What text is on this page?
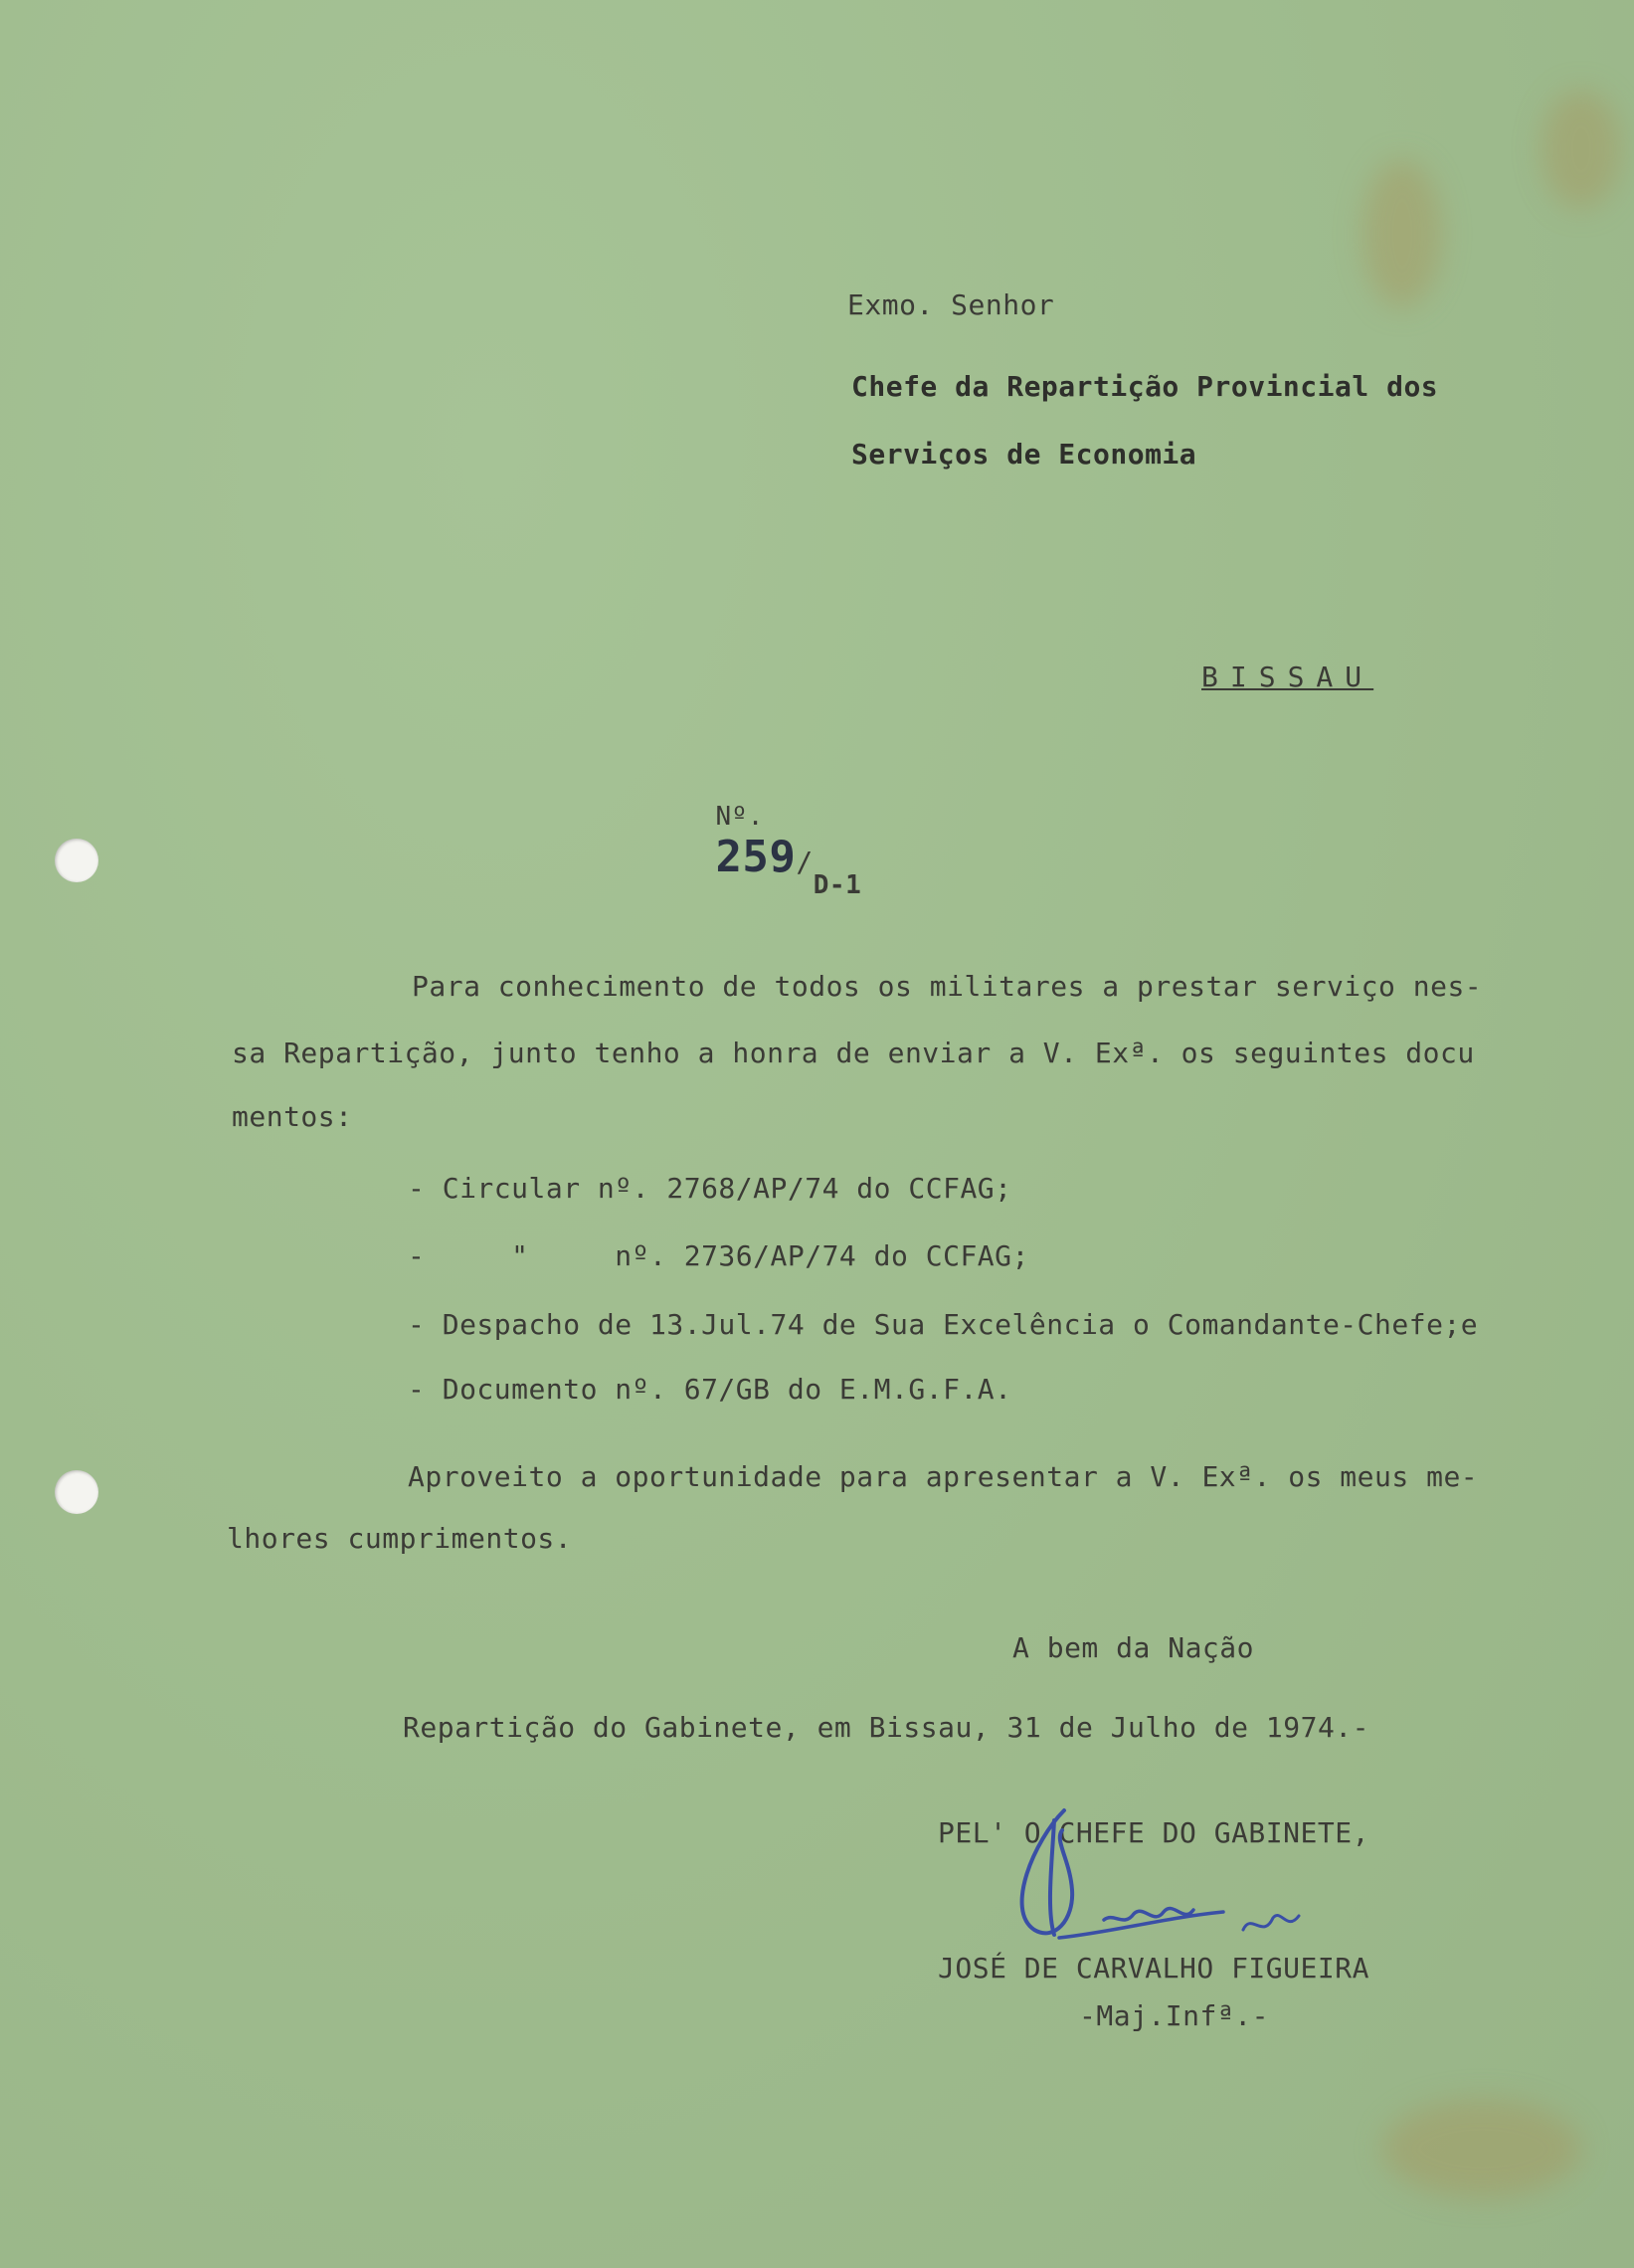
Exmo. Senhor
Chefe da Repartição Provincial dos
Serviços de Economia
BISSAU

Nº.
259/D-1

Para conhecimento de todos os militares a prestar serviço nes-
sa Repartição, junto tenho a honra de enviar a V. Exª. os seguintes docu
mentos:
- Circular nº. 2768/AP/74 do CCFAG;
-     "     nº. 2736/AP/74 do CCFAG;
- Despacho de 13.Jul.74 de Sua Excelência o Comandante-Chefe;e
- Documento nº. 67/GB do E.M.G.F.A.
Aproveito a oportunidade para apresentar a V. Exª. os meus me-
lhores cumprimentos.
A bem da Nação
Repartição do Gabinete, em Bissau, 31 de Julho de 1974.-
PEL' O CHEFE DO GABINETE,
JOSÉ DE CARVALHO FIGUEIRA
-Maj.Infª.-
